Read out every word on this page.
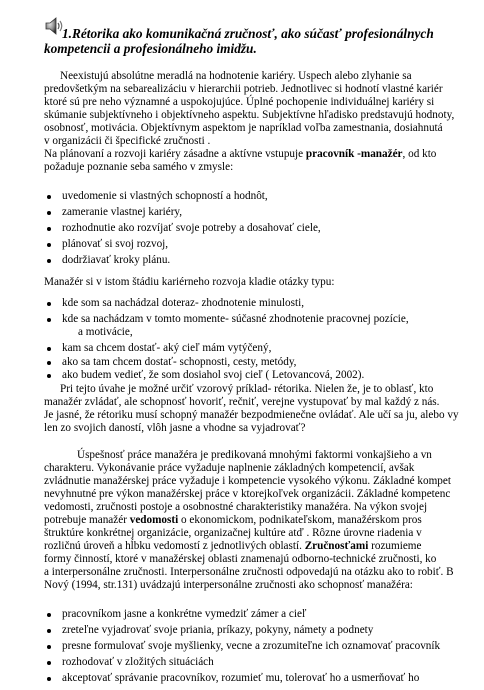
1.Rétorika ako komunikačná zručnosť, ako súčasť profesionálnych
kompetencii a profesionálneho imidžu.
Neexistujú absolútne meradlá na hodnotenie kariéry. Uspech alebo zlyhanie sa
predovšetkým na sebarealizáciu v hierarchii potrieb. Jednotlivec si hodnotí vlastné kariér
ktoré sú pre neho významné a uspokojujúce. Úplné pochopenie individuálnej kariéry si
skúmanie subjektívneho i objektívneho aspektu. Subjektívne hľadisko predstavujú hodnoty,
osobnosť, motivácia. Objektívnym aspektom je napríklad voľba zamestnania, dosiahnutá
v organizácii či špecifické zručnosti .
Na plánovaní a rozvoji kariéry zásadne a aktívne vstupuje pracovník -manažér, od kto
požaduje poznanie seba samého v zmysle:
uvedomenie si vlastných schopností a hodnôt,
zameranie vlastnej kariéry,
rozhodnutie ako rozvíjať svoje potreby a dosahovať ciele,
plánovať si svoj rozvoj,
dodržiavať kroky plánu.
Manažér si v istom štádiu kariérneho rozvoja kladie otázky typu:
kde som sa nachádzal doteraz- zhodnotenie minulosti,
kde sa nachádzam v tomto momente- súčasné zhodnotenie pracovnej pozície,
a motivácie,
kam sa chcem dostať- aký cieľ mám vytýčený,
ako sa tam chcem dostať- schopnosti, cesty, metódy,
ako budem vedieť, že som dosiahol svoj cieľ ( Letovancová, 2002).
Pri tejto úvahe je možné určiť vzorový príklad- rétorika. Nielen že, je to oblasť, kto
manažér zvládať, ale schopnosť hovoriť, rečniť, verejne vystupovať by mal každý z nás.
Je jasné, že rétoriku musí schopný manažér bezpodmienečne ovládať. Ale učí sa ju, alebo vy
len zo svojich daností, vlôh jasne a vhodne sa vyjadrovať?
Úspešnosť práce manažéra je predikovaná mnohými faktormi vonkajšieho a vn
charakteru. Vykonávanie práce vyžaduje naplnenie základných kompetencií, avšak
zvládnutie manažérskej práce vyžaduje i kompetencie vysokého výkonu. Základné kompet
nevyhnutné pre výkon manažérskej práce v ktorejkoľvek organizácii. Základné kompetenc
vedomosti, zručnosti postoje a osobnostné charakteristiky manažéra. Na výkon svojej
potrebuje manažér vedomosti o ekonomickom, podnikateľskom, manažérskom pros
štruktúre konkrétnej organizácie, organizačnej kultúre atď . Rôzne úrovne riadenia v
rozličnú úroveň a hĺbku vedomostí z jednotlivých oblastí. Zručnosťami rozumieme
formy činností, ktoré v manažérskej oblasti znamenajú odborno-technické zručnosti, ko
a interpersonálne zručnosti. Interpersonálne zručnosti odpovedajú na otázku ako to robiť. B
Nový (1994, str.131) uvádzajú interpersonálne zručnosti ako schopnosť manažéra:
pracovníkom jasne a konkrétne vymedziť zámer a cieľ
zreteľne vyjadrovať svoje priania, príkazy, pokyny, námety a podnety
presne formulovať svoje myšlienky, vecne a zrozumiteľne ich oznamovať pracovník
rozhodovať v zložitých situáciách
akceptovať správanie pracovníkov, rozumieť mu, tolerovať ho a usmerňovať ho
